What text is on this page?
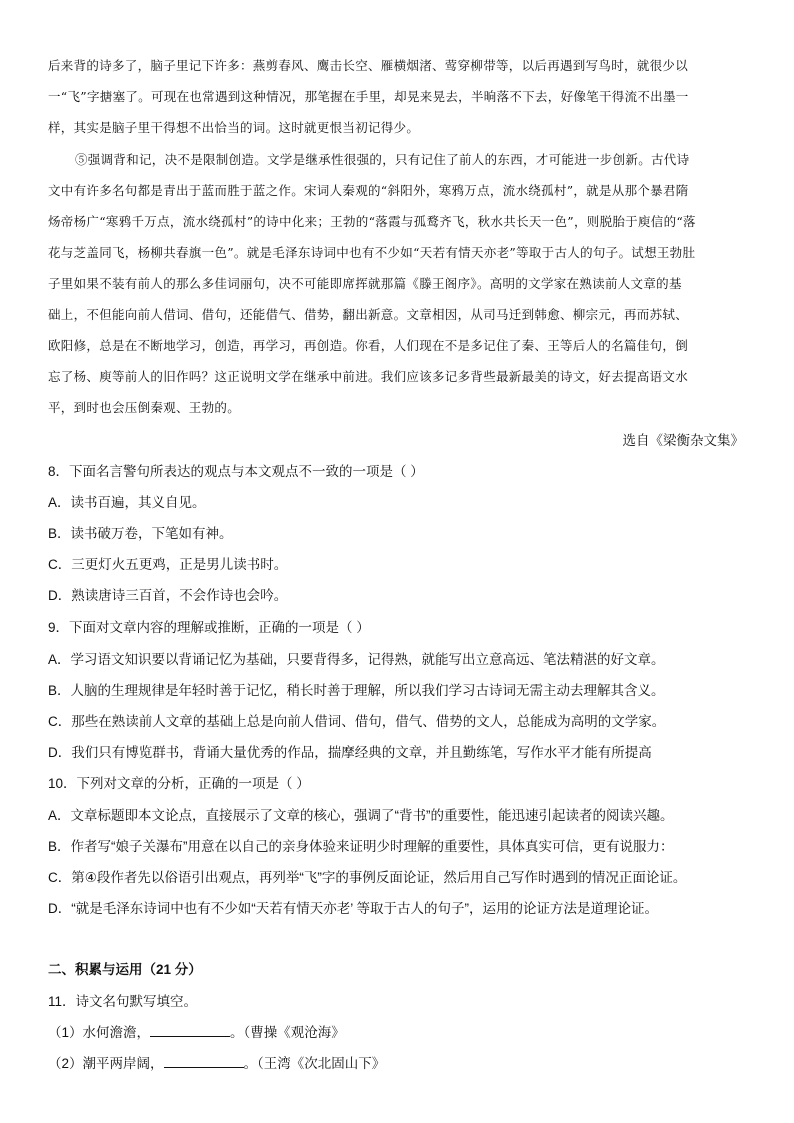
后来背的诗多了，脑子里记下许多：燕剪春风、鹰击长空、雁横烟渚、莺穿柳带等，以后再遇到写鸟时，就很少以
一“飞”字搪塞了。可现在也常遇到这种情况，那笔握在手里，却晃来晃去，半晌落不下去，好像笔干得流不出墨一
样，其实是脑子里干得想不出恰当的词。这时就更恨当初记得少。
⑤强调背和记，决不是限制创造。文学是继承性很强的，只有记住了前人的东西，才可能进一步创新。古代诗
文中有许多名句都是青出于蓝而胜于蓝之作。宋词人秦观的“斜阳外，寒鸦万点，流水绕孤村”，就是从那个暴君隋
炀帝杨广“寒鸦千万点，流水绕孤村”的诗中化来；王勃的“落霞与孤鹜齐飞，秋水共长天一色”，则脱胎于庾信的“落
花与芝盖同飞，杨柳共春旗一色”。就是毛泽东诗词中也有不少如“天若有情天亦老”等取于古人的句子。试想王勃肚
子里如果不装有前人的那么多佳词丽句，决不可能即席挥就那篇《滕王阁序》。高明的文学家在熟读前人文章的基
础上，不但能向前人借词、借句，还能借气、借势，翻出新意。文章相因，从司马迁到韩愈、柳宗元，再而苏轼、
欧阳修，总是在不断地学习，创造，再学习，再创造。你看，人们现在不是多记住了秦、王等后人的名篇佳句，倒
忘了杨、庾等前人的旧作吗？这正说明文学在继承中前进。我们应该多记多背些最新最美的诗文，好去提高语文水
平，到时也会压倒秦观、王勃的。
选自《梁衡杂文集》
8．下面名言警句所表达的观点与本文观点不一致的一项是（ ）
A．读书百遍，其义自见。
B．读书破万卷，下笔如有神。
C．三更灯火五更鸡，正是男儿读书时。
D．熟读唐诗三百首，不会作诗也会吟。
9．下面对文章内容的理解或推断，正确的一项是（ ）
A．学习语文知识要以背诵记忆为基础，只要背得多，记得熟，就能写出立意高远、笔法精湛的好文章。
B．人脑的生理规律是年轻时善于记忆，稍长时善于理解，所以我们学习古诗词无需主动去理解其含义。
C．那些在熟读前人文章的基础上总是向前人借词、借句，借气、借势的文人，总能成为高明的文学家。
D．我们只有博览群书，背诵大量优秀的作品，揣摩经典的文章，并且勤练笔，写作水平才能有所提高
10．下列对文章的分析，正确的一项是（ ）
A．文章标题即本文论点，直接展示了文章的核心，强调了“背书”的重要性，能迅速引起读者的阅读兴趣。
B．作者写“娘子关瀑布”用意在以自己的亲身体验来证明少时理解的重要性，具体真实可信，更有说服力：
C．第④段作者先以俗语引出观点，再列举“飞”字的事例反面论证，然后用自己写作时遇到的情况正面论证。
D．“就是毛泽东诗词中也有不少如“天若有情天亦老’ 等取于古人的句子”，运用的论证方法是道理论证。
二、积累与运用（21 分）
11．诗文名句默写填空。
（1）水何澹澹，	。（曹操《观沧海》
（2）潮平两岸阔，	。（王湾《次北固山下》
